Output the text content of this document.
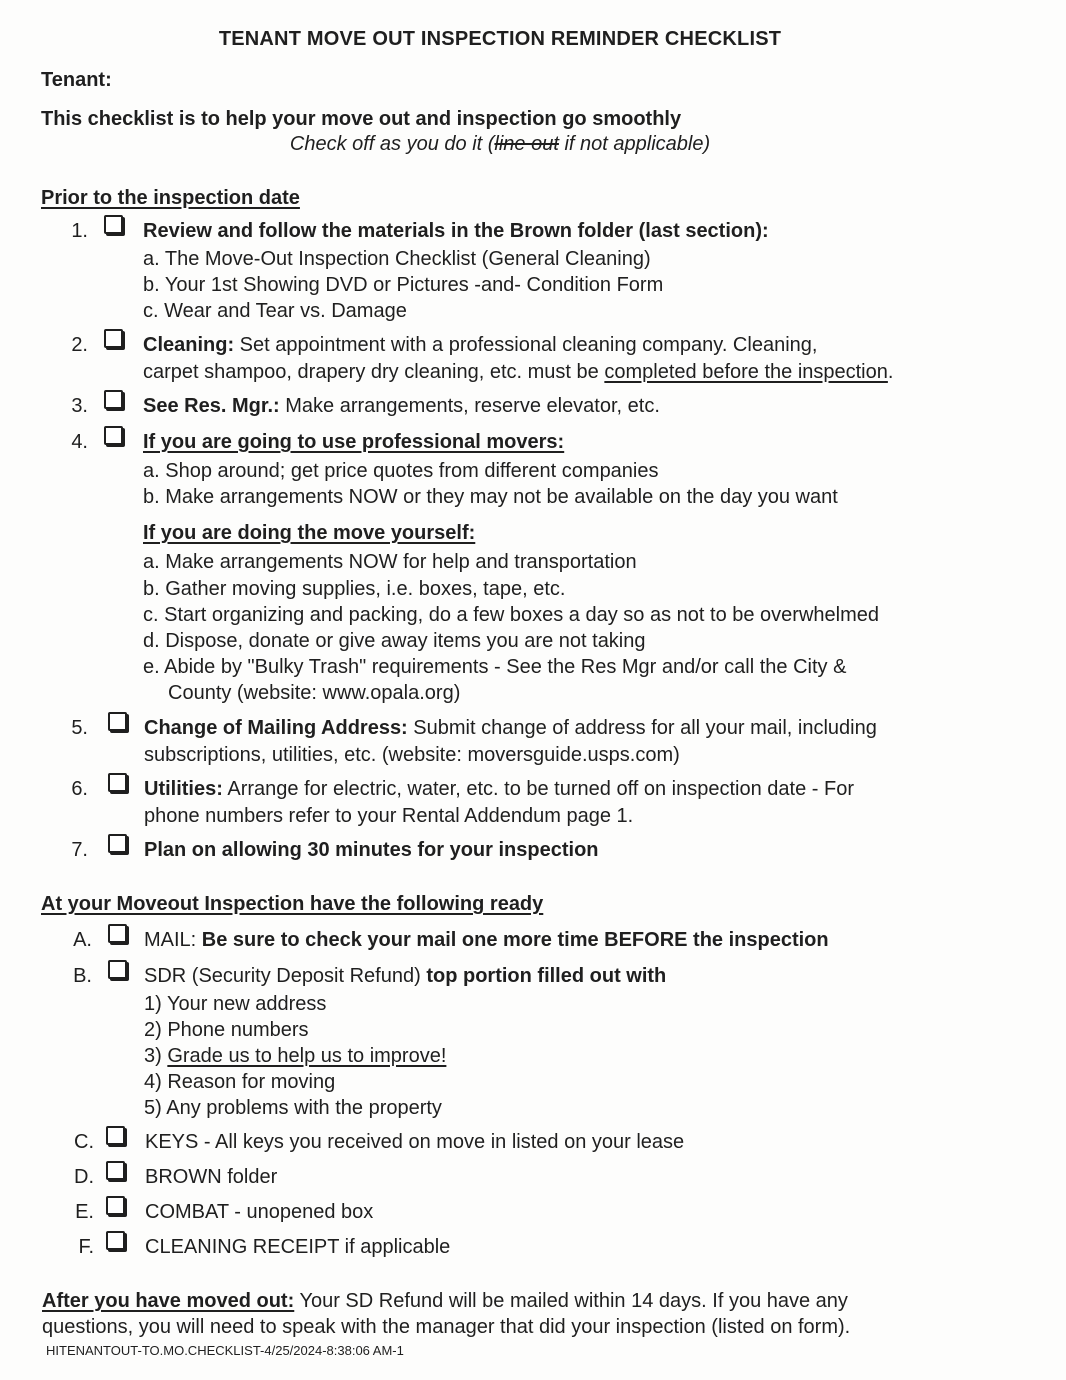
TENANT MOVE OUT INSPECTION REMINDER CHECKLIST
Tenant:
This checklist is to help your move out and inspection go smoothly
Check off as you do it (line out if not applicable)
Prior to the inspection date
1.	Review and follow the materials in the Brown folder (last section):
a. The Move-Out Inspection Checklist (General Cleaning)
b. Your 1st Showing DVD or Pictures -and- Condition Form
c. Wear and Tear vs. Damage
2.	Cleaning: Set appointment with a professional cleaning company. Cleaning,
carpet shampoo, drapery dry cleaning, etc. must be completed before the inspection.
3.	See Res. Mgr.: Make arrangements, reserve elevator, etc.
4.	If you are going to use professional movers:
a. Shop around; get price quotes from different companies
b. Make arrangements NOW or they may not be available on the day you want
If you are doing the move yourself:
a. Make arrangements NOW for help and transportation
b. Gather moving supplies, i.e. boxes, tape, etc.
c. Start organizing and packing, do a few boxes a day so as not to be overwhelmed
d. Dispose, donate or give away items you are not taking
e. Abide by "Bulky Trash" requirements - See the Res Mgr and/or call the City &
County (website: www.opala.org)
5.	Change of Mailing Address: Submit change of address for all your mail, including
subscriptions, utilities, etc. (website: moversguide.usps.com)
6.	Utilities: Arrange for electric, water, etc. to be turned off on inspection date - For
phone numbers refer to your Rental Addendum page 1.
7.	Plan on allowing 30 minutes for your inspection
At your Moveout Inspection have the following ready
A.	MAIL: Be sure to check your mail one more time BEFORE the inspection
B.	SDR (Security Deposit Refund) top portion filled out with
1) Your new address
2) Phone numbers
3) Grade us to help us to improve!
4) Reason for moving
5) Any problems with the property
C.	KEYS - All keys you received on move in listed on your lease
D.	BROWN folder
E.	COMBAT - unopened box
F.	CLEANING RECEIPT if applicable
After you have moved out: Your SD Refund will be mailed within 14 days. If you have any
questions, you will need to speak with the manager that did your inspection (listed on form).
HITENANTOUT-TO.MO.CHECKLIST-4/25/2024-8:38:06 AM-1
